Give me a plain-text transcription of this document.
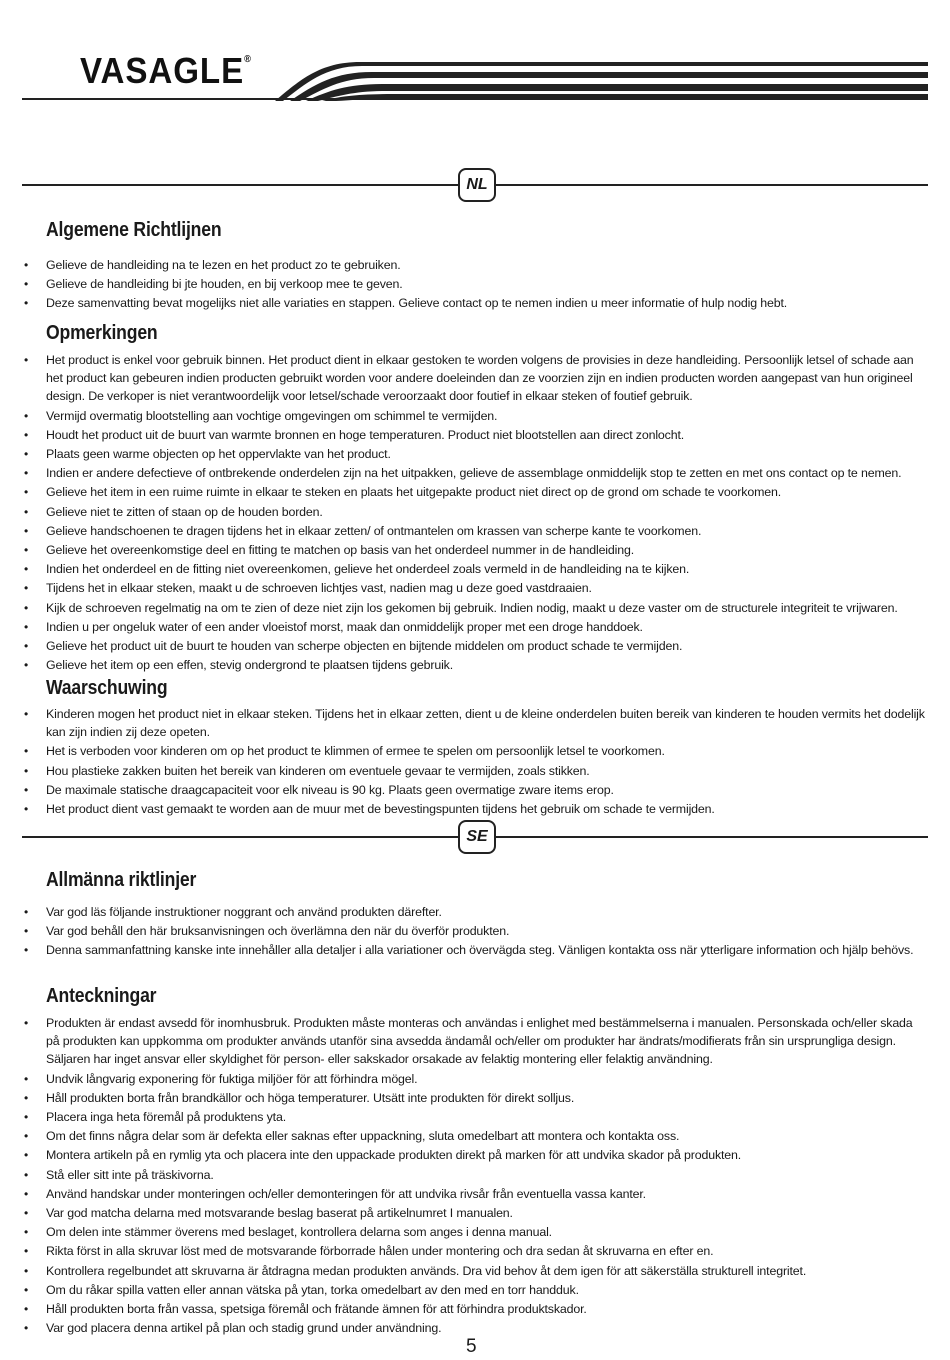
VASAGLE®
NL
Algemene Richtlijnen
• Gelieve de handleiding na te lezen en het product zo te gebruiken.
• Gelieve de handleiding bi jte houden, en bij verkoop mee te geven.
• Deze samenvatting bevat mogelijks niet alle variaties en stappen. Gelieve contact op te nemen indien u meer informatie of hulp nodig hebt.
Opmerkingen
• Het product is enkel voor gebruik binnen. Het product dient in elkaar gestoken te worden volgens de provisies in deze handleiding. Persoonlijk letsel of schade aan het product kan gebeuren indien producten gebruikt worden voor andere doeleinden dan ze voorzien zijn en indien producten worden aangepast van hun origineel design. De verkoper is niet verantwoordelijk voor letsel/schade veroorzaakt door foutief in elkaar steken of foutief gebruik.
• Vermijd overmatig blootstelling aan vochtige omgevingen om schimmel te vermijden.
• Houdt het product uit de buurt van warmte bronnen en hoge temperaturen. Product niet blootstellen aan direct zonlocht.
• Plaats geen warme objecten op het oppervlakte van het product.
• Indien er andere defectieve of ontbrekende onderdelen zijn na het uitpakken, gelieve de assemblage onmiddelijk stop te zetten en met ons contact op te nemen.
• Gelieve het item in een ruime ruimte in elkaar te steken en plaats het uitgepakte product niet direct op de grond om schade te voorkomen.
• Gelieve niet te zitten of staan op de houden borden.
• Gelieve handschoenen te dragen tijdens het in elkaar zetten/ of ontmantelen om krassen van scherpe kante te voorkomen.
• Gelieve het overeenkomstige deel en fitting te matchen op basis van het onderdeel nummer in de handleiding.
• Indien het onderdeel en de fitting niet overeenkomen, gelieve het onderdeel zoals vermeld in de handleiding na te kijken.
• Tijdens het in elkaar steken, maakt u de schroeven lichtjes vast, nadien mag u deze goed vastdraaien.
• Kijk de schroeven regelmatig na om te zien of deze niet zijn los gekomen bij gebruik. Indien nodig, maakt u deze vaster om de structurele integriteit te vrijwaren.
• Indien u per ongeluk water of een ander vloeistof morst, maak dan onmiddelijk proper met een droge handdoek.
• Gelieve het product uit de buurt te houden van scherpe objecten en bijtende middelen om product schade te vermijden.
• Gelieve het item op een effen, stevig ondergrond te plaatsen tijdens gebruik.
Waarschuwing
• Kinderen mogen het product niet in elkaar steken. Tijdens het in elkaar zetten, dient u de kleine onderdelen buiten bereik van kinderen te houden vermits het dodelijk kan zijn indien zij deze opeten.
• Het is verboden voor kinderen om op het product te klimmen of ermee te spelen om persoonlijk letsel te voorkomen.
• Hou plastieke zakken buiten het bereik van kinderen om eventuele gevaar te vermijden, zoals stikken.
• De maximale statische draagcapaciteit voor elk niveau is 90 kg. Plaats geen overmatige zware items erop.
• Het product dient vast gemaakt te worden aan de muur met de bevestingspunten tijdens het gebruik om schade te vermijden.
SE
Allmänna riktlinjer
• Var god läs följande instruktioner noggrant och använd produkten därefter.
• Var god behåll den här bruksanvisningen och överlämna den när du överför produkten.
• Denna sammanfattning kanske inte innehåller alla detaljer i alla variationer och övervägda steg. Vänligen kontakta oss när ytterligare information och hjälp behövs.
Anteckningar
• Produkten är endast avsedd för inomhusbruk. Produkten måste monteras och användas i enlighet med bestämmelserna i manualen. Personskada och/eller skada på produkten kan uppkomma om produkter används utanför sina avsedda ändamål och/eller om produkter har ändrats/modifierats från sin ursprungliga design. Säljaren har inget ansvar eller skyldighet för person- eller sakskador orsakade av felaktig montering eller felaktig användning.
• Undvik långvarig exponering för fuktiga miljöer för att förhindra mögel.
• Håll produkten borta från brandkällor och höga temperaturer. Utsätt inte produkten för direkt solljus.
• Placera inga heta föremål på produktens yta.
• Om det finns några delar som är defekta eller saknas efter uppackning, sluta omedelbart att montera och kontakta oss.
• Montera artikeln på en rymlig yta och placera inte den uppackade produkten direkt på marken för att undvika skador på produkten.
• Stå eller sitt inte på träskivorna.
• Använd handskar under monteringen och/eller demonteringen för att undvika rivsår från eventuella vassa kanter.
• Var god matcha delarna med motsvarande beslag baserat på artikelnumret I manualen.
• Om delen inte stämmer överens med beslaget, kontrollera delarna som anges i denna manual.
• Rikta först in alla skruvar löst med de motsvarande förborrade hålen under montering och dra sedan åt skruvarna en efter en.
• Kontrollera regelbundet att skruvarna är åtdragna medan produkten används. Dra vid behov åt dem igen för att säkerställa strukturell integritet.
• Om du råkar spilla vatten eller annan vätska på ytan, torka omedelbart av den med en torr handduk.
• Håll produkten borta från vassa, spetsiga föremål och frätande ämnen för att förhindra produktskador.
• Var god placera denna artikel på plan och stadig grund under användning.
5
